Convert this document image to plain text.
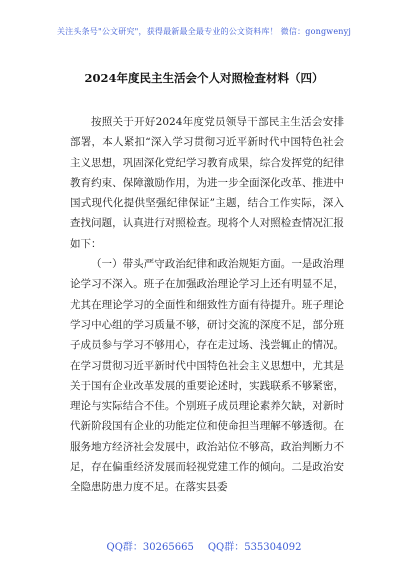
关注头条号"公文研究"，获得最新最全最专业的公文资料库！ 微信：gongwenyj
2024年度民主生活会个人对照检查材料（四）

按照关于开好2024年度党员领导干部民主生活会安排部署，本人紧扣“深入学习贯彻习近平新时代中国特色社会主义思想，巩固深化党纪学习教育成果，综合发挥党的纪律教育约束、保障激励作用，为进一步全面深化改革、推进中国式现代化提供坚强纪律保证”主题，结合工作实际，深入查找问题，认真进行对照检查。现将个人对照检查情况汇报如下：

（一）带头严守政治纪律和政治规矩方面。一是政治理论学习不深入。班子在加强政治理论学习上还有明显不足，尤其在理论学习的全面性和细致性方面有待提升。班子理论学习中心组的学习质量不够，研讨交流的深度不足，部分班子成员参与学习不够用心，存在走过场、浅尝辄止的情况。在学习贯彻习近平新时代中国特色社会主义思想中，尤其是关于国有企业改革发展的重要论述时，实践联系不够紧密，理论与实际结合不佳。个别班子成员理论素养欠缺，对新时代新阶段国有企业的功能定位和使命担当理解不够透彻。在服务地方经济社会发展中，政治站位不够高，政治判断力不足，存在偏重经济发展而轻视党建工作的倾向。二是政治安全隐患防患力度不足。在落实县委

QQ群：30265665 QQ群：535304092
